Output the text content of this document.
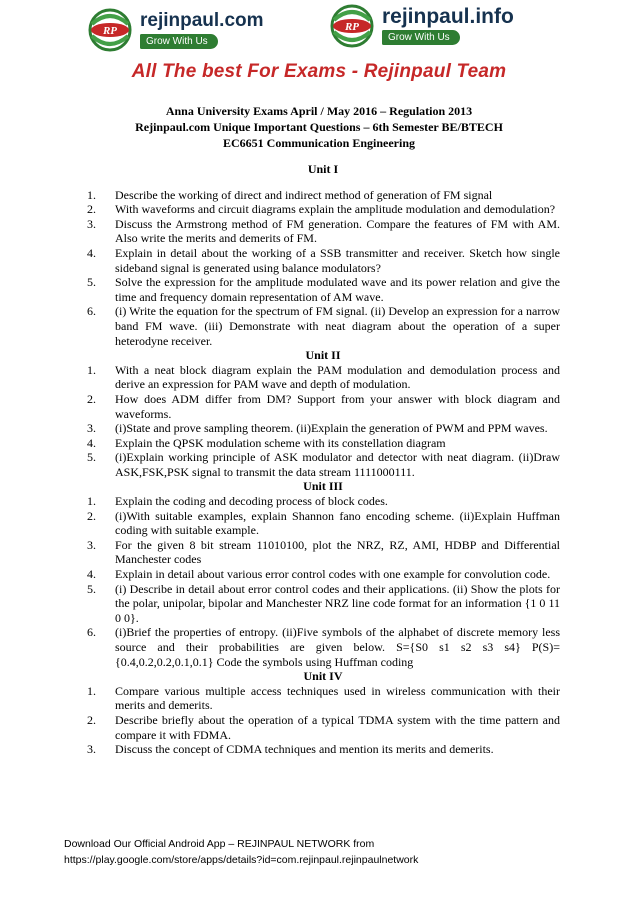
RP rejinpaul.com
Grow With Us
RP rejinpaul.info
Grow With Us
All The best For Exams - Rejinpaul Team
Anna University Exams April / May 2016 – Regulation 2013
Rejinpaul.com Unique Important Questions – 6th Semester BE/BTECH
EC6651 Communication Engineering
Unit I
1.	Describe the working of direct and indirect method of generation of FM signal
2.	With waveforms and circuit diagrams explain the amplitude modulation and demodulation?
3.	Discuss the Armstrong method of FM generation. Compare the features of FM with AM. Also write the merits and demerits of FM.
4.	Explain in detail about the working of a SSB transmitter and receiver. Sketch how single sideband signal is generated using balance modulators?
5.	Solve the expression for the amplitude modulated wave and its power relation and give the time and frequency domain representation of AM wave.
6.	(i) Write the equation for the spectrum of FM signal. (ii) Develop an expression for a narrow band FM wave. (iii) Demonstrate with neat diagram about the operation of a super heterodyne receiver.
Unit II
1.	With a neat block diagram explain the PAM modulation and demodulation process and derive an expression for PAM wave and depth of modulation.
2.	How does ADM differ from DM? Support from your answer with block diagram and waveforms.
3.	(i)State and prove sampling theorem. (ii)Explain the generation of PWM and PPM waves.
4.	Explain the QPSK modulation scheme with its constellation diagram
5.	(i)Explain working principle of ASK modulator and detector with neat diagram. (ii)Draw ASK,FSK,PSK signal to transmit the data stream 1111000111.
Unit III
1.	Explain the coding and decoding process of block codes.
2.	(i)With suitable examples, explain Shannon fano encoding scheme. (ii)Explain Huffman coding with suitable example.
3.	For the given 8 bit stream 11010100, plot the NRZ, RZ, AMI, HDBP and Differential Manchester codes
4.	Explain in detail about various error control codes with one example for convolution code.
5.	(i) Describe in detail about error control codes and their applications. (ii) Show the plots for the polar, unipolar, bipolar and Manchester NRZ line code format for an information {1 0 11 0 0}.
6.	(i)Brief the properties of entropy. (ii)Five symbols of the alphabet of discrete memory less source and their probabilities are given below. S={S0 s1 s2 s3 s4} P(S)={0.4,0.2,0.2,0.1,0.1} Code the symbols using Huffman coding
Unit IV
1.	Compare various multiple access techniques used in wireless communication with their merits and demerits.
2.	Describe briefly about the operation of a typical TDMA system with the time pattern and compare it with FDMA.
3.	Discuss the concept of CDMA techniques and mention its merits and demerits.
Download Our Official Android App – REJINPAUL NETWORK from
https://play.google.com/store/apps/details?id=com.rejinpaul.rejinpaulnetwork
